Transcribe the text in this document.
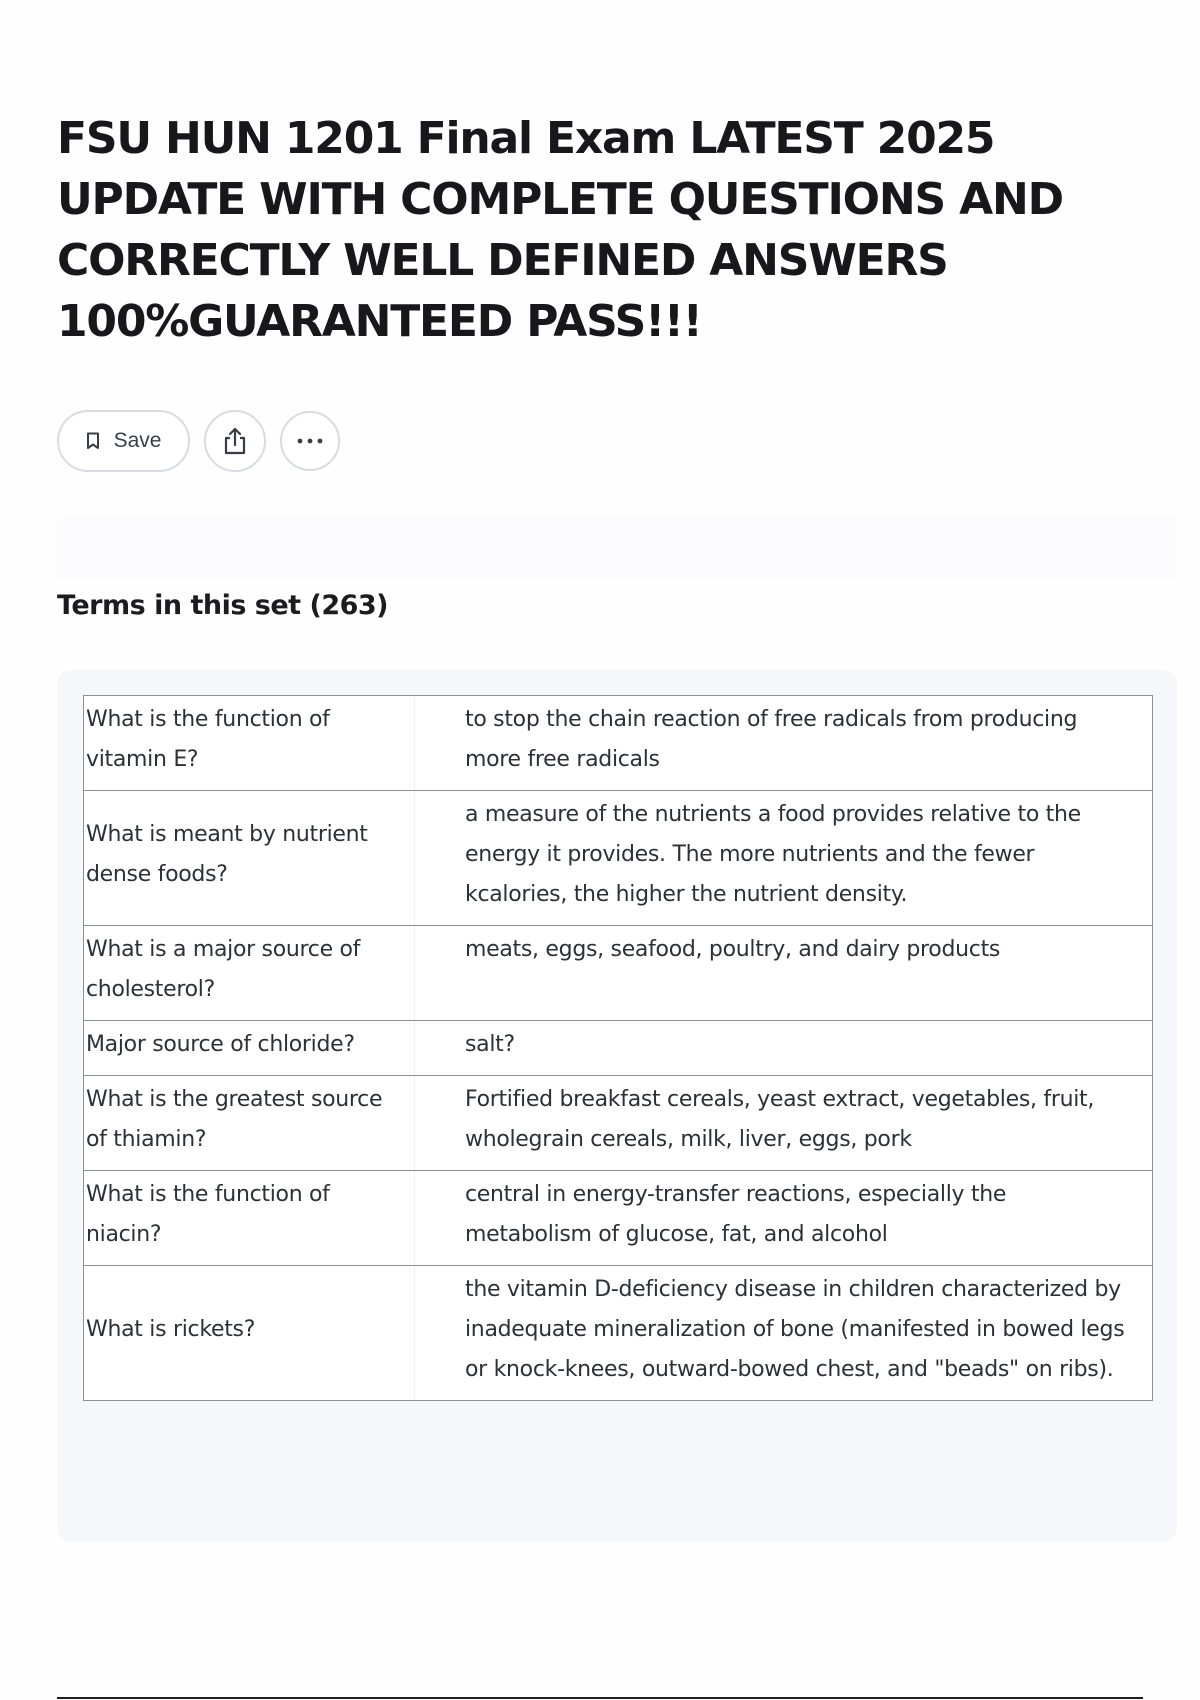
FSU HUN 1201 Final Exam LATEST 2025 UPDATE WITH COMPLETE QUESTIONS AND CORRECTLY WELL DEFINED ANSWERS 100%GUARANTEED PASS!!!
Save
Terms in this set (263)
What is the function of vitamin E?	to stop the chain reaction of free radicals from producing more free radicals
What is meant by nutrient dense foods?	a measure of the nutrients a food provides relative to the energy it provides. The more nutrients and the fewer kcalories, the higher the nutrient density.
What is a major source of cholesterol?	meats, eggs, seafood, poultry, and dairy products
Major source of chloride?	salt?
What is the greatest source of thiamin?	Fortified breakfast cereals, yeast extract, vegetables, fruit, wholegrain cereals, milk, liver, eggs, pork
What is the function of niacin?	central in energy-transfer reactions, especially the metabolism of glucose, fat, and alcohol
What is rickets?	the vitamin D-deficiency disease in children characterized by inadequate mineralization of bone (manifested in bowed legs or knock-knees, outward-bowed chest, and "beads" on ribs).
